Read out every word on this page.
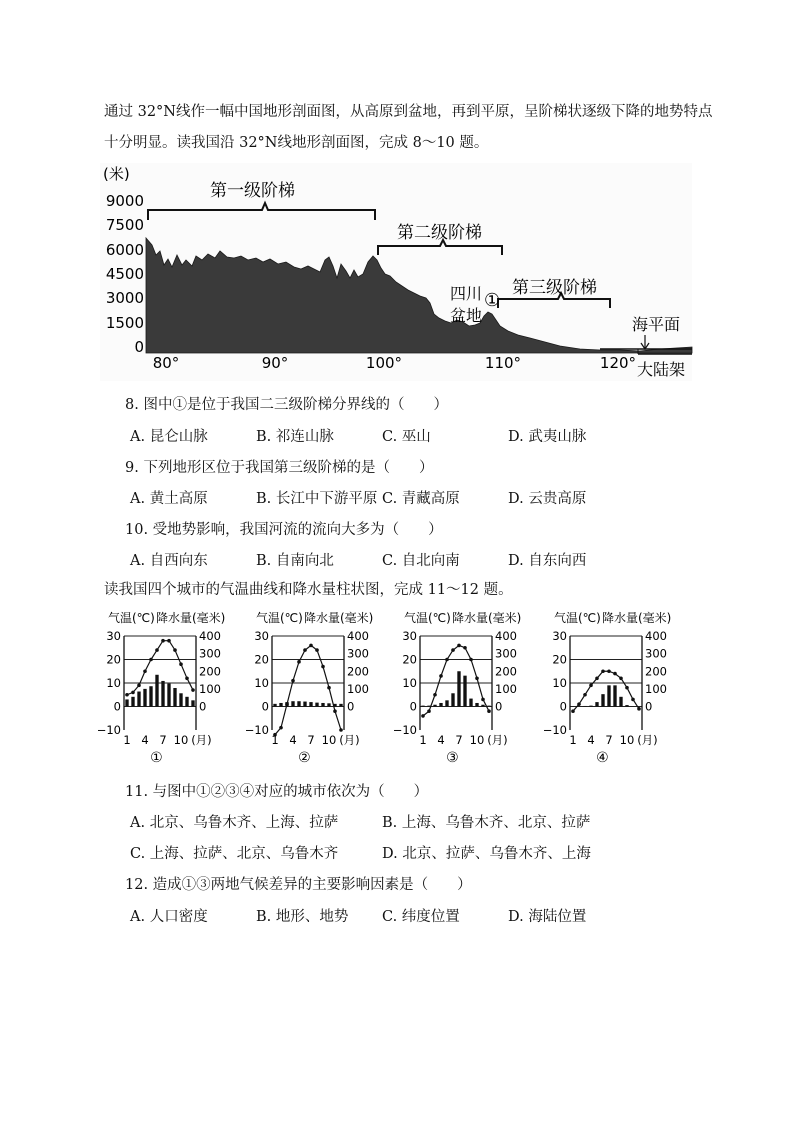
通过 32°N线作一幅中国地形剖面图，从高原到盆地，再到平原，呈阶梯状逐级下降的地势特点
十分明显。读我国沿 32°N线地形剖面图，完成 8～10 题。
(米)
9000
7500
6000
4500
3000
1500
0
80°	90°	100°	110°	120°
第一级阶梯
第二级阶梯
第三级阶梯
四川
盆地
①
海平面
大陆架
8. 图中①是位于我国二三级阶梯分界线的（　　）
A. 昆仑山脉	B. 祁连山脉	C. 巫山	D. 武夷山脉
9. 下列地形区位于我国第三级阶梯的是（　　）
A. 黄土高原	B. 长江中下游平原 C. 青藏高原	D. 云贵高原
10. 受地势影响，我国河流的流向大多为（　　）
A. 自西向东	B. 自南向北	C. 自北向南	D. 自东向西
读我国四个城市的气温曲线和降水量柱状图，完成 11～12 题。
气温(℃) 降水量(毫米)
30
20
10
0
−10
400
300
200
100
0
1 4 7 10 (月)
①
气温(℃) 降水量(毫米)
30
20
10
0
−10
400
300
200
100
0
1 4 7 10 (月)
②
气温(℃) 降水量(毫米)
30
20
10
0
−10
400
300
200
100
0
1 4 7 10 (月)
③
气温(℃) 降水量(毫米)
30
20
10
0
−10
400
300
200
100
0
1 4 7 10 (月)
④
11. 与图中①②③④对应的城市依次为（　　）
A. 北京、乌鲁木齐、上海、拉萨	B. 上海、乌鲁木齐、北京、拉萨
C. 上海、拉萨、北京、乌鲁木齐	D. 北京、拉萨、乌鲁木齐、上海
12. 造成①③两地气候差异的主要影响因素是（　　）
A. 人口密度	B. 地形、地势 C. 纬度位置	D. 海陆位置
